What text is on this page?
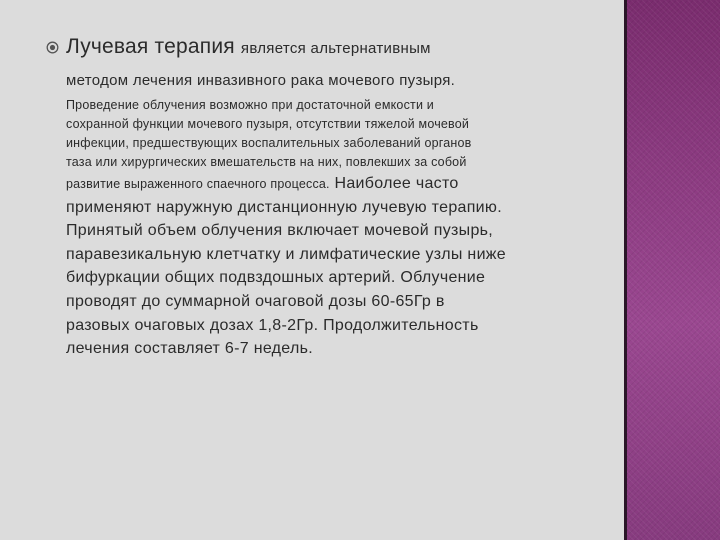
Лучевая терапия является альтернативным
методом лечения инвазивного рака мочевого пузыря.
Проведение облучения возможно при достаточной емкости и
сохранной функции мочевого пузыря, отсутствии тяжелой мочевой
инфекции, предшествующих воспалительных заболеваний органов
таза или хирургических вмешательств на них, повлекших за собой
развитие выраженного спаечного процесса. Наиболее часто
применяют наружную дистанционную лучевую терапию.
Принятый объем облучения включает мочевой пузырь,
паравезикальную клетчатку и лимфатические узлы ниже
бифуркации общих подвздошных артерий. Облучение
проводят до суммарной очаговой дозы 60-65Гр в
разовых очаговых дозах 1,8-2Гр. Продолжительность
лечения составляет 6-7 недель.
